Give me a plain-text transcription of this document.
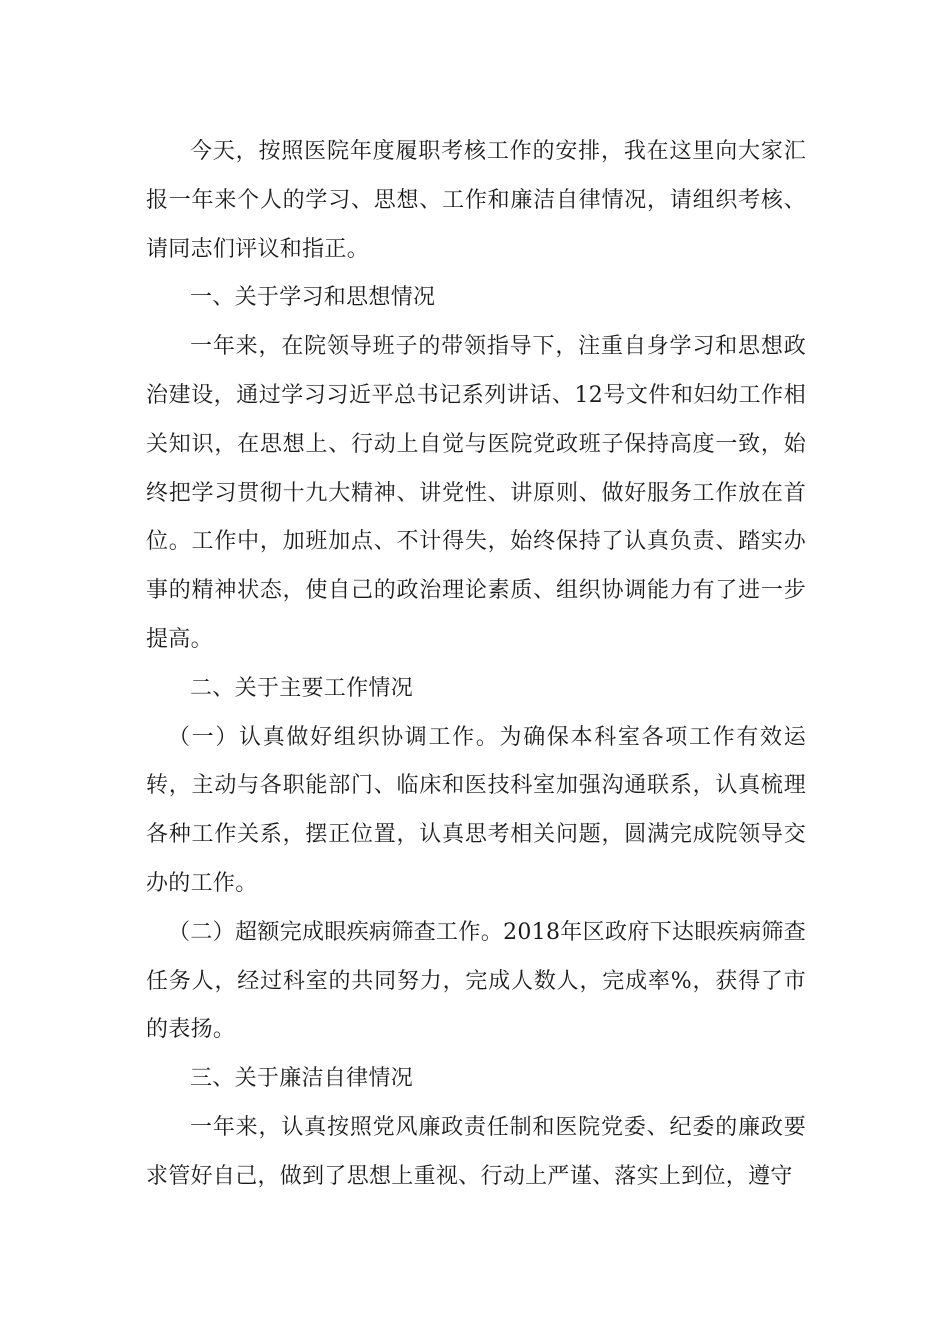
今天，按照医院年度履职考核工作的安排，我在这里向大家汇报一年来个人的学习、思想、工作和廉洁自律情况，请组织考核、请同志们评议和指正。

一、关于学习和思想情况

一年来，在院领导班子的带领指导下，注重自身学习和思想政治建设，通过学习习近平总书记系列讲话、12号文件和妇幼工作相关知识，在思想上、行动上自觉与医院党政班子保持高度一致，始终把学习贯彻十九大精神、讲党性、讲原则、做好服务工作放在首位。工作中，加班加点、不计得失，始终保持了认真负责、踏实办事的精神状态，使自己的政治理论素质、组织协调能力有了进一步提高。

二、关于主要工作情况

（一）认真做好组织协调工作。为确保本科室各项工作有效运转，主动与各职能部门、临床和医技科室加强沟通联系，认真梳理各种工作关系，摆正位置，认真思考相关问题，圆满完成院领导交办的工作。

（二）超额完成眼疾病筛查工作。2018年区政府下达眼疾病筛查任务人，经过科室的共同努力，完成人数人，完成率%，获得了市的表扬。

三、关于廉洁自律情况

一年来，认真按照党风廉政责任制和医院党委、纪委的廉政要求管好自己，做到了思想上重视、行动上严谨、落实上到位，遵守
